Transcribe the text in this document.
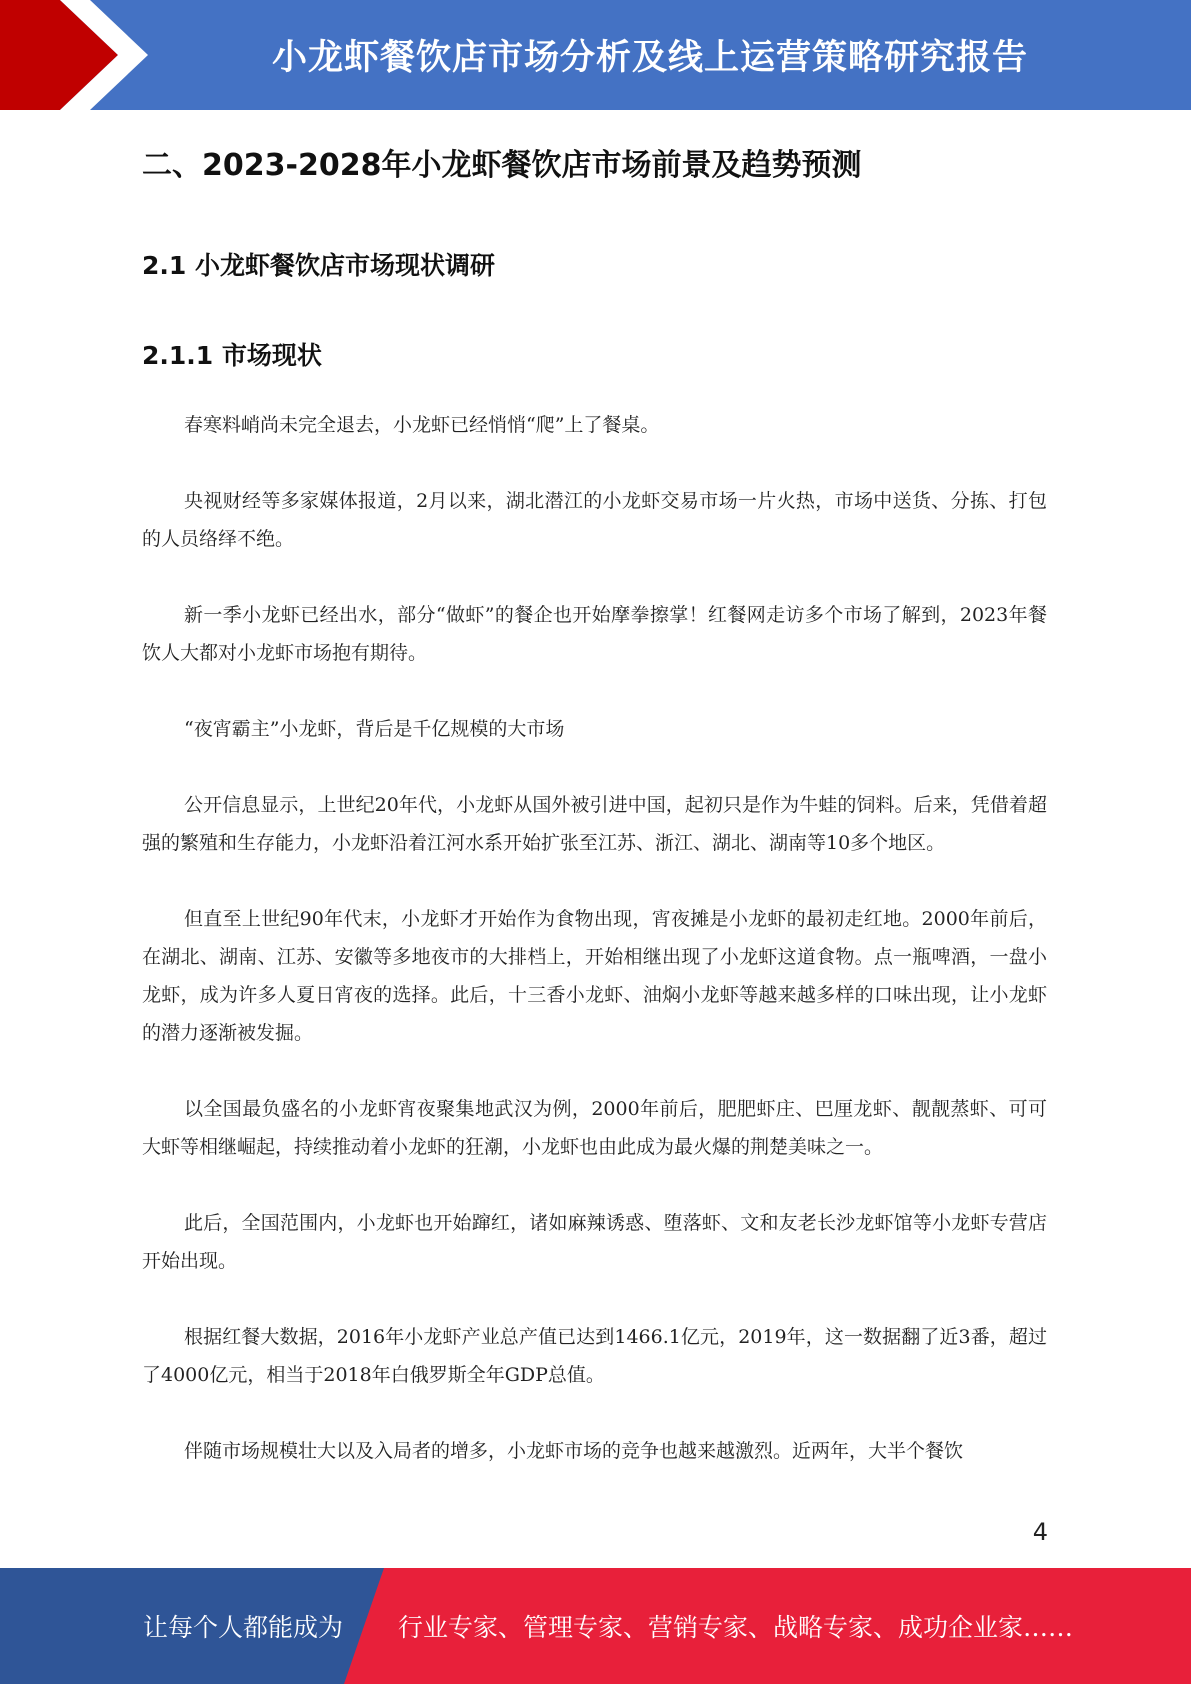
小龙虾餐饮店市场分析及线上运营策略研究报告
二、2023-2028年小龙虾餐饮店市场前景及趋势预测
2.1 小龙虾餐饮店市场现状调研
2.1.1 市场现状

春寒料峭尚未完全退去，小龙虾已经悄悄“爬”上了餐桌。

央视财经等多家媒体报道，2月以来，湖北潜江的小龙虾交易市场一片火热，市场中送货、分拣、打包的人员络绎不绝。

新一季小龙虾已经出水，部分“做虾”的餐企也开始摩拳擦掌！红餐网走访多个市场了解到，2023年餐饮人大都对小龙虾市场抱有期待。

“夜宵霸主”小龙虾，背后是千亿规模的大市场

公开信息显示，上世纪20年代，小龙虾从国外被引进中国，起初只是作为牛蛙的饲料。后来，凭借着超强的繁殖和生存能力，小龙虾沿着江河水系开始扩张至江苏、浙江、湖北、湖南等10多个地区。

但直至上世纪90年代末，小龙虾才开始作为食物出现，宵夜摊是小龙虾的最初走红地。2000年前后，在湖北、湖南、江苏、安徽等多地夜市的大排档上，开始相继出现了小龙虾这道食物。点一瓶啤酒，一盘小龙虾，成为许多人夏日宵夜的选择。此后，十三香小龙虾、油焖小龙虾等越来越多样的口味出现，让小龙虾的潜力逐渐被发掘。

以全国最负盛名的小龙虾宵夜聚集地武汉为例，2000年前后，肥肥虾庄、巴厘龙虾、靓靓蒸虾、可可大虾等相继崛起，持续推动着小龙虾的狂潮，小龙虾也由此成为最火爆的荆楚美味之一。

此后，全国范围内，小龙虾也开始蹿红，诸如麻辣诱惑、堕落虾、文和友老长沙龙虾馆等小龙虾专营店开始出现。

根据红餐大数据，2016年小龙虾产业总产值已达到1466.1亿元，2019年，这一数据翻了近3番，超过了4000亿元，相当于2018年白俄罗斯全年GDP总值。

伴随市场规模壮大以及入局者的增多，小龙虾市场的竞争也越来越激烈。近两年，大半个餐饮

4
让每个人都能成为 行业专家、管理专家、营销专家、战略专家、成功企业家……
